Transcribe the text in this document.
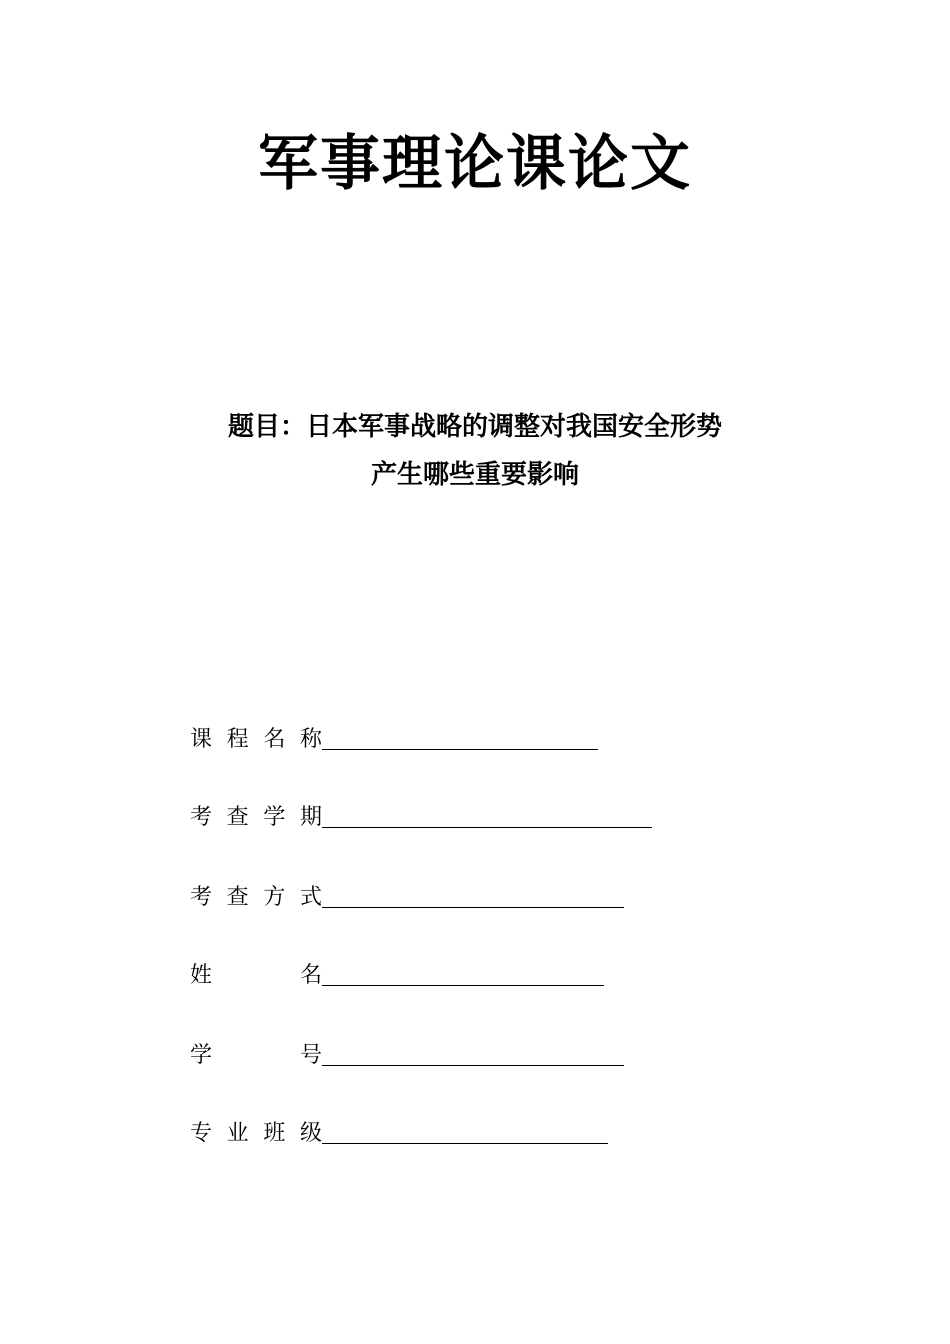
军事理论课论文
题目：日本军事战略的调整对我国安全形势
产生哪些重要影响
课 程 名 称
考 查 学 期
考 查 方 式
姓	名
学	号
专 业 班 级
